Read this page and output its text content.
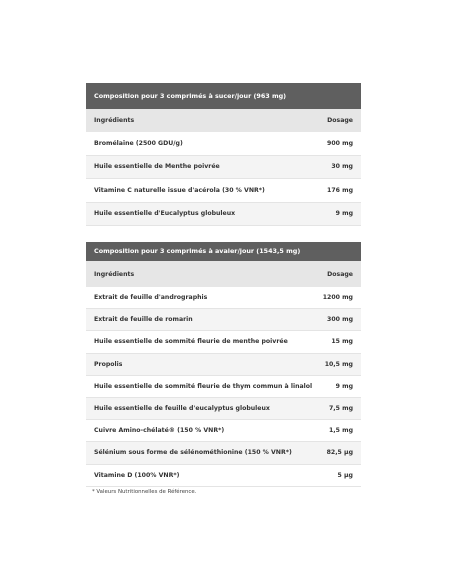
Composition pour 3 comprimés à sucer/jour (963 mg)
Ingrédients	Dosage
Bromélaïne (2500 GDU/g)	900 mg
Huile essentielle de Menthe poivrée	30 mg
Vitamine C naturelle issue d'acérola (30 % VNR*)	176 mg
Huile essentielle d'Eucalyptus globuleux	9 mg
Composition pour 3 comprimés à avaler/jour (1543,5 mg)
Ingrédients	Dosage
Extrait de feuille d'andrographis	1200 mg
Extrait de feuille de romarin	300 mg
Huile essentielle de sommité fleurie de menthe poivrée	15 mg
Propolis	10,5 mg
Huile essentielle de sommité fleurie de thym commun à linalol	9 mg
Huile essentielle de feuille d'eucalyptus globuleux	7,5 mg
Cuivre Amino-chélaté® (150 % VNR*)	1,5 mg
Sélénium sous forme de sélénométhionine (150 % VNR*)	82,5 µg
Vitamine D (100% VNR*)	5 µg
* Valeurs Nutritionnelles de Référence.
